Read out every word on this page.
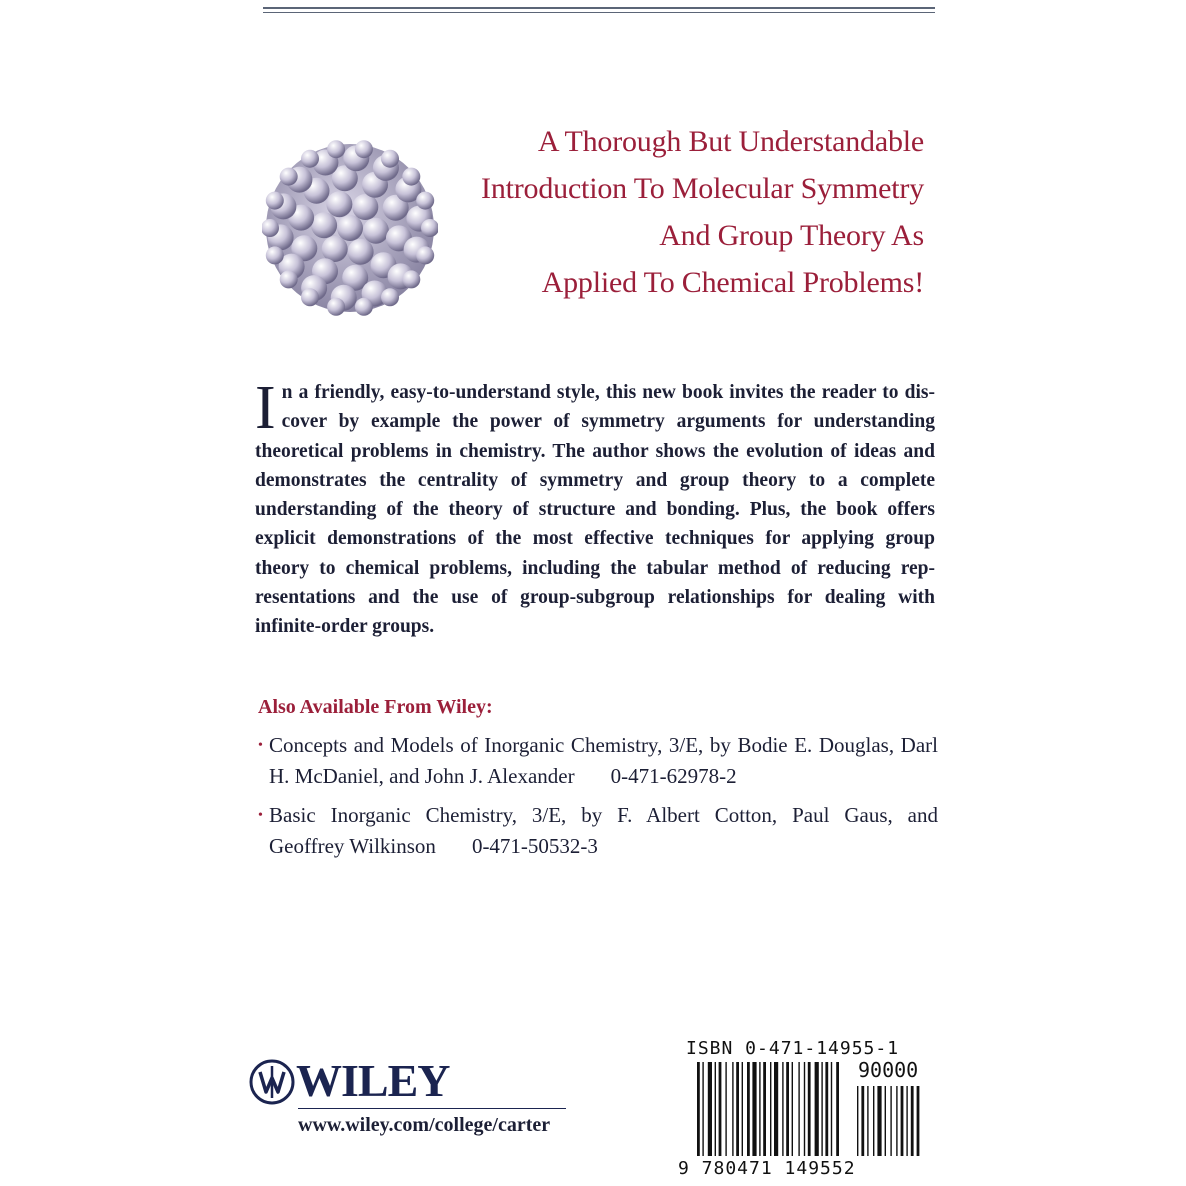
A Thorough But Understandable
Introduction To Molecular Symmetry
And Group Theory As
Applied To Chemical Problems!
I n a friendly, easy-to-understand style, this new book invites the reader to dis-
cover by example the power of symmetry arguments for understanding
theoretical problems in chemistry. The author shows the evolution of ideas and
demonstrates the centrality of symmetry and group theory to a complete
understanding of the theory of structure and bonding. Plus, the book offers
explicit demonstrations of the most effective techniques for applying group
theory to chemical problems, including the tabular method of reducing rep-
resentations and the use of group-subgroup relationships for dealing with
infinite-order groups.
Also Available From Wiley:
• Concepts and Models of Inorganic Chemistry, 3/E, by Bodie E. Douglas, Darl
H. McDaniel, and John J. Alexander 0-471-62978-2
• Basic Inorganic Chemistry, 3/E, by F. Albert Cotton, Paul Gaus, and
Geoffrey Wilkinson 0-471-50532-3
WILEY
www.wiley.com/college/carter
ISBN 0-471-14955-1
90000
9 780471 149552
